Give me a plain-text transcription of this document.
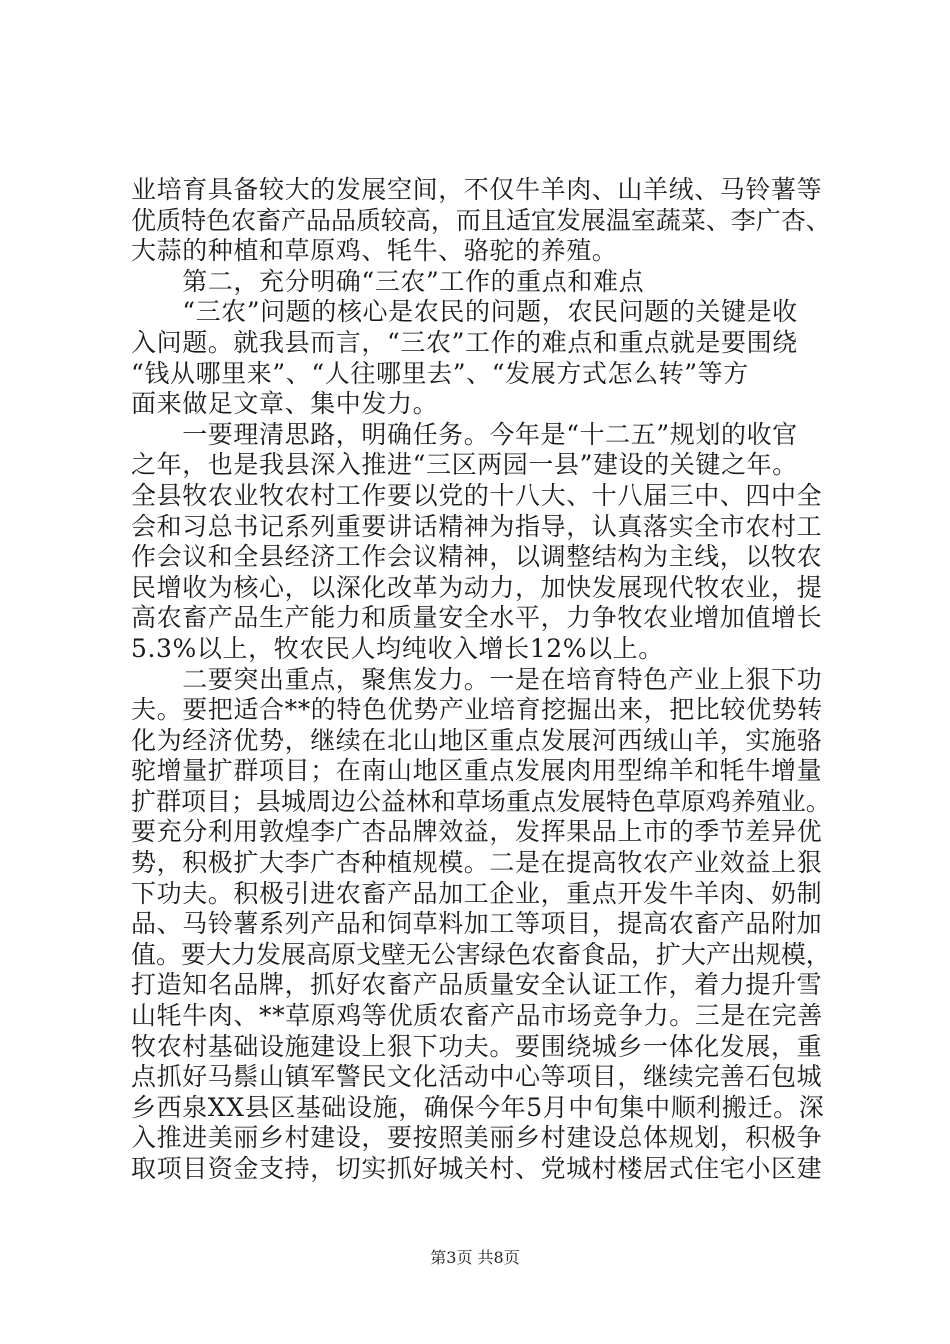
业培育具备较大的发展空间，不仅牛羊肉、山羊绒、马铃薯等
优质特色农畜产品品质较高，而且适宜发展温室蔬菜、李广杏、
大蒜的种植和草原鸡、牦牛、骆驼的养殖。
　　第二，充分明确“三农”工作的重点和难点
　　“三农”问题的核心是农民的问题，农民问题的关键是收
入问题。就我县而言，“三农”工作的难点和重点就是要围绕
“钱从哪里来”、“人往哪里去”、“发展方式怎么转”等方
面来做足文章、集中发力。
　　一要理清思路，明确任务。今年是“十二五”规划的收官
之年，也是我县深入推进“三区两园一县”建设的关键之年。
全县牧农业牧农村工作要以党的十八大、十八届三中、四中全
会和习总书记系列重要讲话精神为指导，认真落实全市农村工
作会议和全县经济工作会议精神，以调整结构为主线，以牧农
民增收为核心，以深化改革为动力，加快发展现代牧农业，提
高农畜产品生产能力和质量安全水平，力争牧农业增加值增长
5.3%以上，牧农民人均纯收入增长12%以上。
　　二要突出重点，聚焦发力。一是在培育特色产业上狠下功
夫。要把适合**的特色优势产业培育挖掘出来，把比较优势转
化为经济优势，继续在北山地区重点发展河西绒山羊，实施骆
驼增量扩群项目；在南山地区重点发展肉用型绵羊和牦牛增量
扩群项目；县城周边公益林和草场重点发展特色草原鸡养殖业。
要充分利用敦煌李广杏品牌效益，发挥果品上市的季节差异优
势，积极扩大李广杏种植规模。二是在提高牧农产业效益上狠
下功夫。积极引进农畜产品加工企业，重点开发牛羊肉、奶制
品、马铃薯系列产品和饲草料加工等项目，提高农畜产品附加
值。要大力发展高原戈壁无公害绿色农畜食品，扩大产出规模，
打造知名品牌，抓好农畜产品质量安全认证工作，着力提升雪
山牦牛肉、**草原鸡等优质农畜产品市场竞争力。三是在完善
牧农村基础设施建设上狠下功夫。要围绕城乡一体化发展，重
点抓好马鬃山镇军警民文化活动中心等项目，继续完善石包城
乡西泉XX县区基础设施，确保今年5月中旬集中顺利搬迁。深
入推进美丽乡村建设，要按照美丽乡村建设总体规划，积极争
取项目资金支持，切实抓好城关村、党城村楼居式住宅小区建
第3页 共8页
